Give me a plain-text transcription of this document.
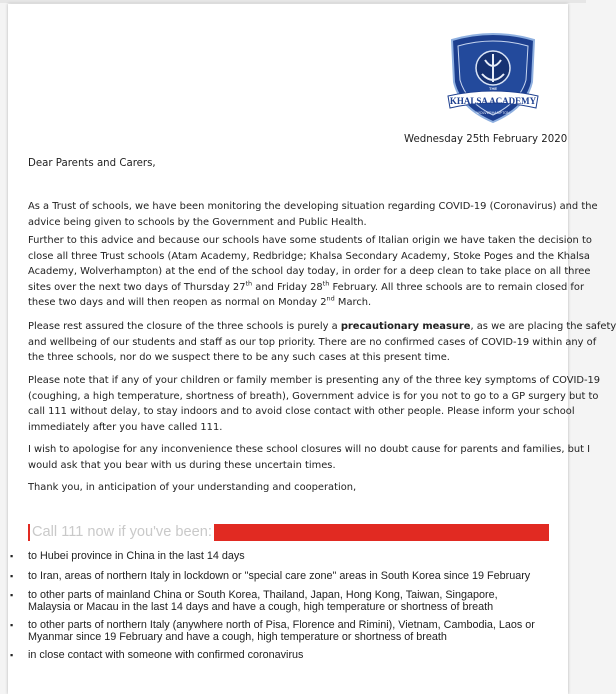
THE
KHALSA ACADEMY
WOLVERHAMPTON
Wednesday 25th February 2020
Dear Parents and Carers,
As a Trust of schools, we have been monitoring the developing situation regarding COVID-19 (Coronavirus) and the
advice being given to schools by the Government and Public Health.
Further to this advice and because our schools have some students of Italian origin we have taken the decision to
close all three Trust schools (Atam Academy, Redbridge; Khalsa Secondary Academy, Stoke Poges and the Khalsa
Academy, Wolverhampton) at the end of the school day today, in order for a deep clean to take place on all three
sites over the next two days of Thursday 27th and Friday 28th February. All three schools are to remain closed for
these two days and will then reopen as normal on Monday 2nd March.
Please rest assured the closure of the three schools is purely a precautionary measure, as we are placing the safety
and wellbeing of our students and staff as our top priority. There are no confirmed cases of COVID-19 within any of
the three schools, nor do we suspect there to be any such cases at this present time.
Please note that if any of your children or family member is presenting any of the three key symptoms of COVID-19
(coughing, a high temperature, shortness of breath), Government advice is for you not to go to a GP surgery but to
call 111 without delay, to stay indoors and to avoid close contact with other people. Please inform your school
immediately after you have called 111.
I wish to apologise for any inconvenience these school closures will no doubt cause for parents and families, but I
would ask that you bear with us during these uncertain times.
Thank you, in anticipation of your understanding and cooperation,
Call 111 now if you've been:
▪ to Hubei province in China in the last 14 days
▪ to Iran, areas of northern Italy in lockdown or "special care zone" areas in South Korea since 19 February
▪ to other parts of mainland China or South Korea, Thailand, Japan, Hong Kong, Taiwan, Singapore,
Malaysia or Macau in the last 14 days and have a cough, high temperature or shortness of breath
▪ to other parts of northern Italy (anywhere north of Pisa, Florence and Rimini), Vietnam, Cambodia, Laos or
Myanmar since 19 February and have a cough, high temperature or shortness of breath
▪ in close contact with someone with confirmed coronavirus
